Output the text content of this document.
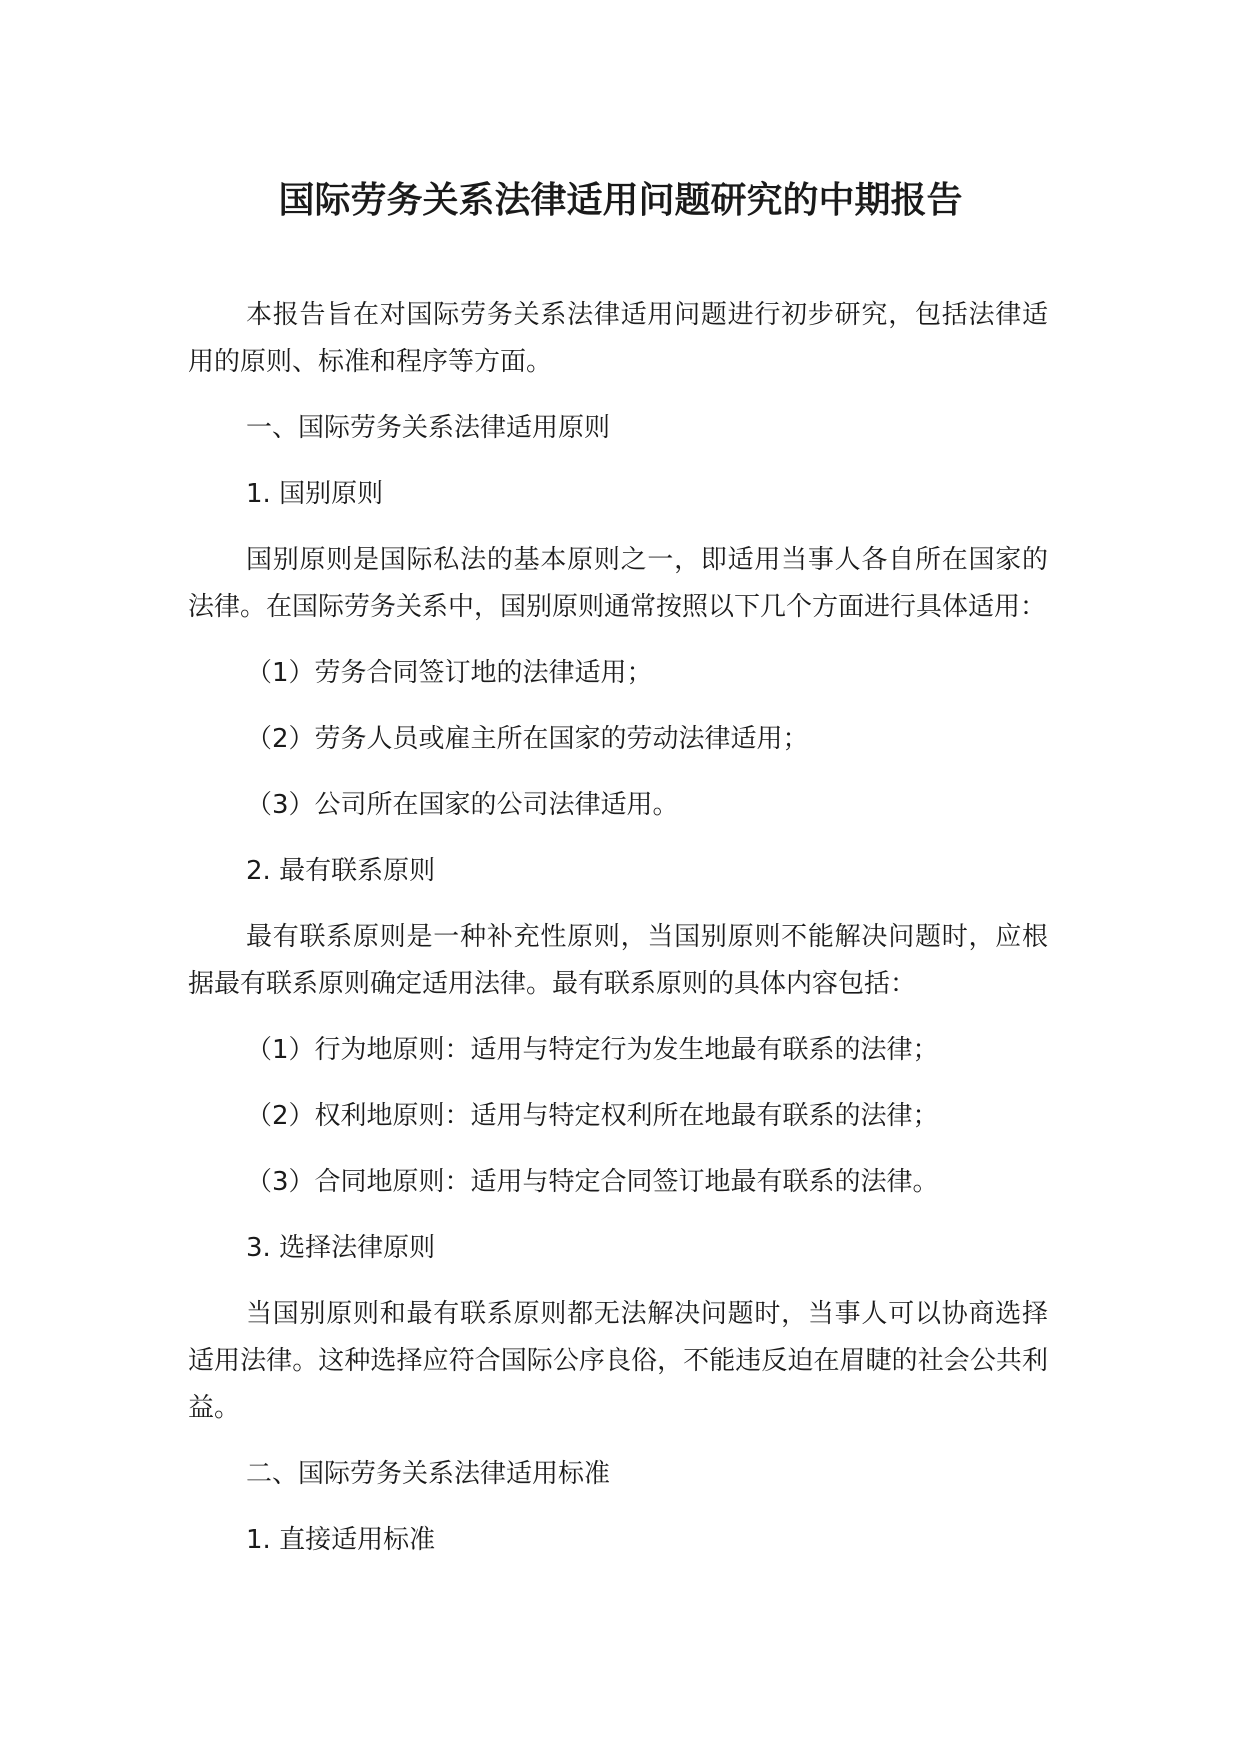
国际劳务关系法律适用问题研究的中期报告

本报告旨在对国际劳务关系法律适用问题进行初步研究，包括法律适用的原则、标准和程序等方面。

一、国际劳务关系法律适用原则

1. 国别原则

国别原则是国际私法的基本原则之一，即适用当事人各自所在国家的法律。在国际劳务关系中，国别原则通常按照以下几个方面进行具体适用：

（1）劳务合同签订地的法律适用；

（2）劳务人员或雇主所在国家的劳动法律适用；

（3）公司所在国家的公司法律适用。

2. 最有联系原则

最有联系原则是一种补充性原则，当国别原则不能解决问题时，应根据最有联系原则确定适用法律。最有联系原则的具体内容包括：

（1）行为地原则：适用与特定行为发生地最有联系的法律；

（2）权利地原则：适用与特定权利所在地最有联系的法律；

（3）合同地原则：适用与特定合同签订地最有联系的法律。

3. 选择法律原则

当国别原则和最有联系原则都无法解决问题时，当事人可以协商选择适用法律。这种选择应符合国际公序良俗，不能违反迫在眉睫的社会公共利益。

二、国际劳务关系法律适用标准

1. 直接适用标准
